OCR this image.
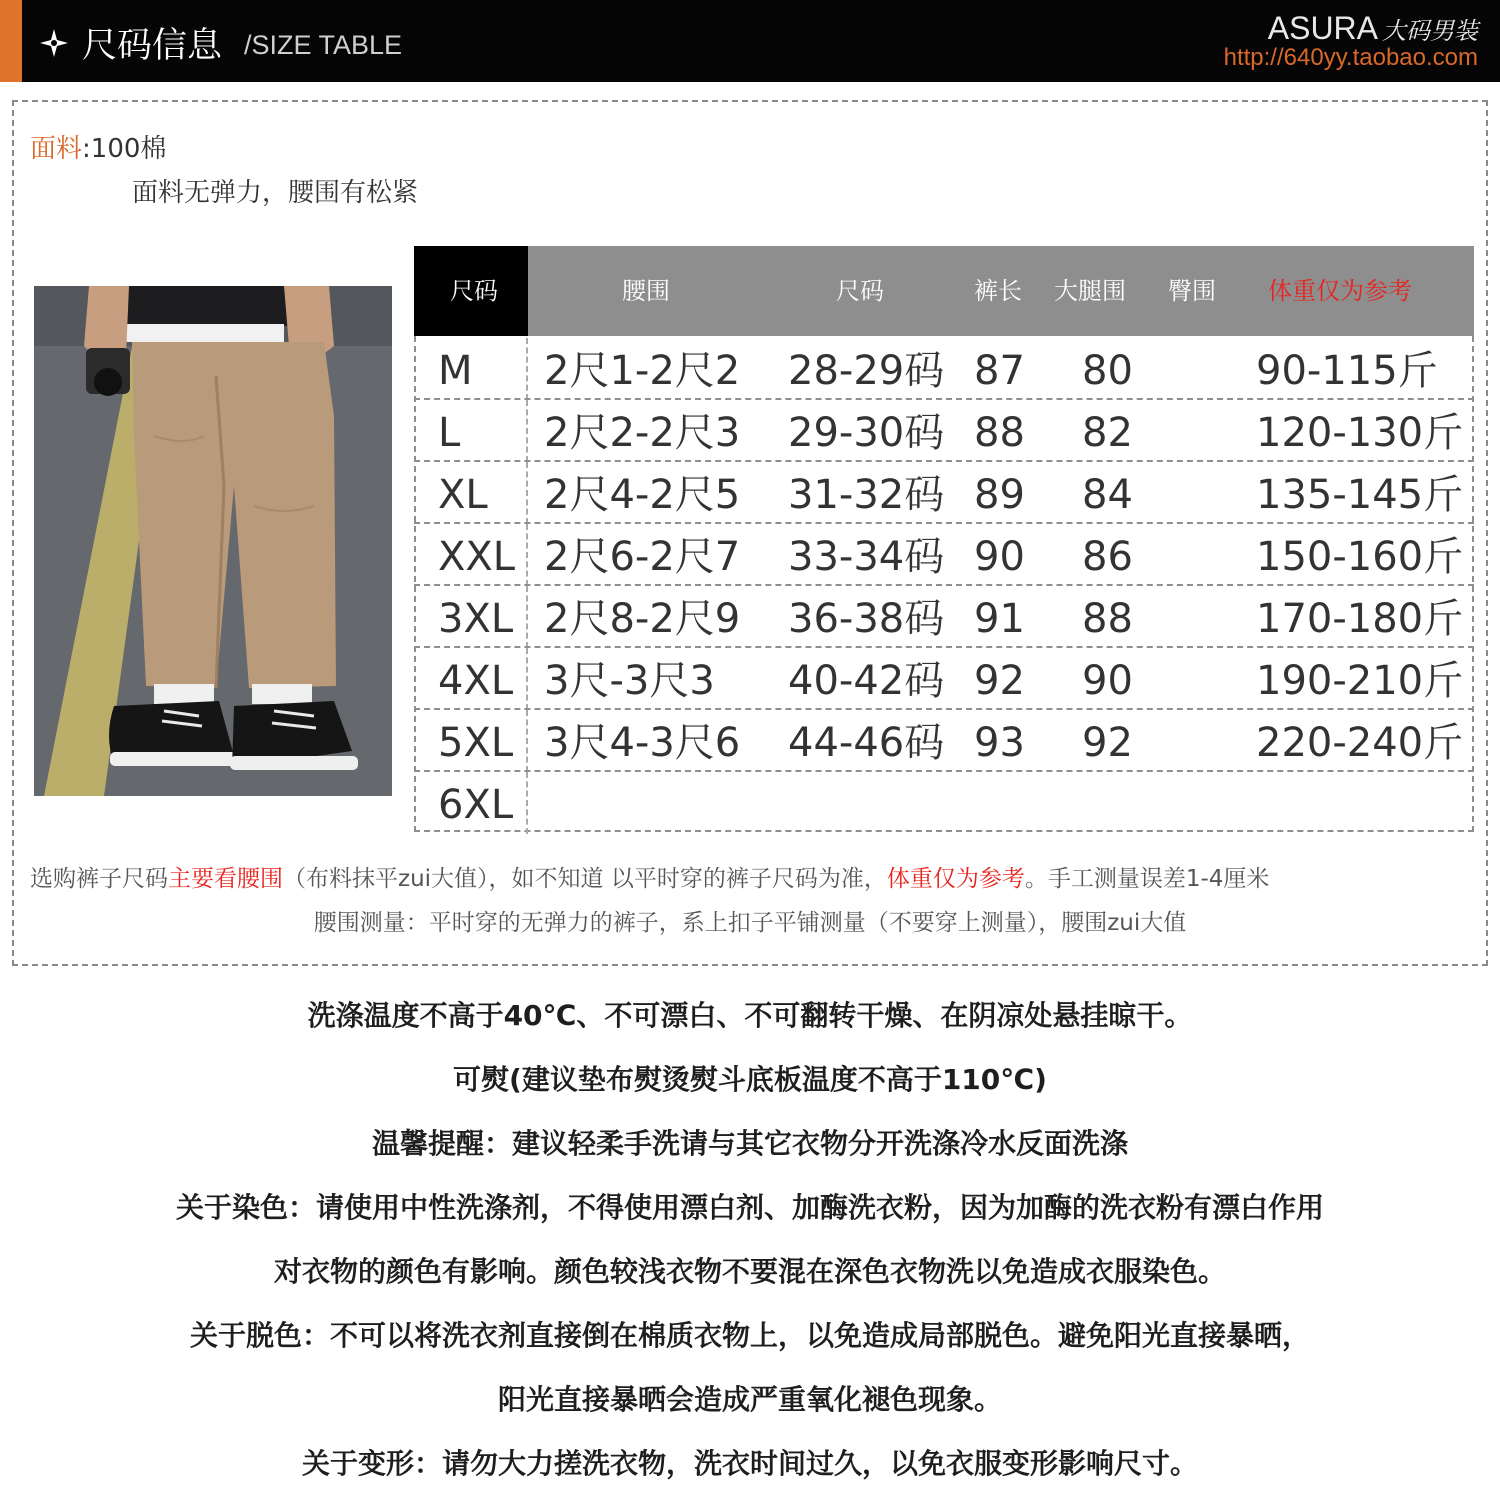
尺码信息 /SIZE TABLE	ASURA 大码男装
http://640yy.taobao.com
面料:100棉
面料无弹力，腰围有松紧
尺码	腰围	尺码	裤长 大腿围 臀围 体重仅为参考
M 2尺1-2尺2 28-29码 87 80	90-115斤
L 2尺2-2尺3 29-30码 88 82	120-130斤
XL 2尺4-2尺5 31-32码 89 84	135-145斤
XXL 2尺6-2尺7 33-34码 90 86	150-160斤
3XL 2尺8-2尺9 36-38码 91 88	170-180斤
4XL 3尺-3尺3 40-42码 92 90	190-210斤
5XL 3尺4-3尺6 44-46码 93 92	220-240斤
6XL
选购裤子尺码主要看腰围（布料抹平zui大值），如不知道 以平时穿的裤子尺码为准，体重仅为参考。手工测量误差1-4厘米
腰围测量：平时穿的无弹力的裤子，系上扣子平铺测量（不要穿上测量），腰围zui大值
洗涤温度不高于40℃、不可漂白、不可翻转干燥、在阴凉处悬挂晾干。
可熨(建议垫布熨烫熨斗底板温度不高于110℃)
温馨提醒：建议轻柔手洗请与其它衣物分开洗涤冷水反面洗涤
关于染色：请使用中性洗涤剂，不得使用漂白剂、加酶洗衣粉，因为加酶的洗衣粉有漂白作用
对衣物的颜色有影响。颜色较浅衣物不要混在深色衣物洗以免造成衣服染色。
关于脱色：不可以将洗衣剂直接倒在棉质衣物上，以免造成局部脱色。避免阳光直接暴晒，
阳光直接暴晒会造成严重氧化褪色现象。
关于变形：请勿大力搓洗衣物，洗衣时间过久，以免衣服变形影响尺寸。
